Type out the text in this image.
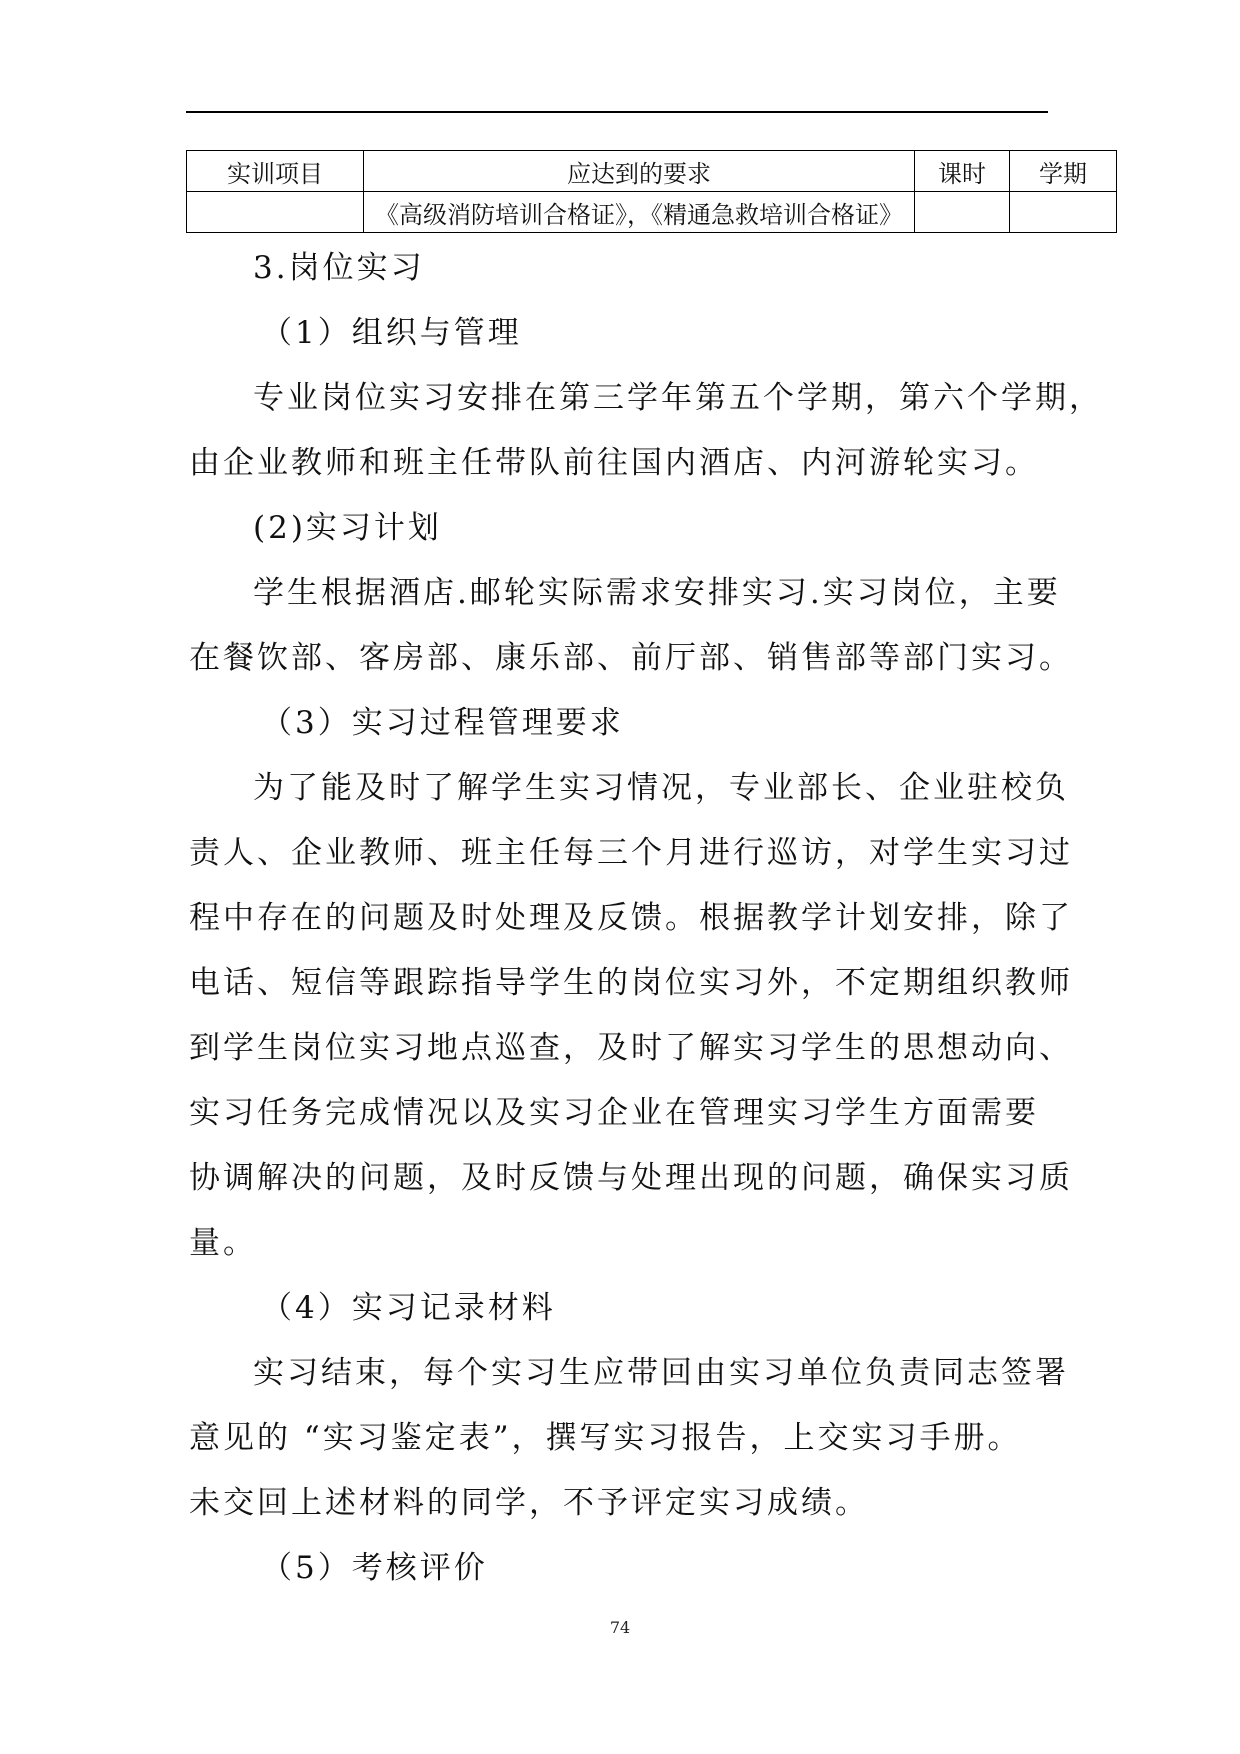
实训项目	应达到的要求	课时	学期
	《高级消防培训合格证》，《精通急救培训合格证》		

3.岗位实习

（1）组织与管理

专业岗位实习安排在第三学年第五个学期，第六个学期，

由企业教师和班主任带队前往国内酒店、内河游轮实习。

(2)实习计划

学生根据酒店.邮轮实际需求安排实习.实习岗位，主要

在餐饮部、客房部、康乐部、前厅部、销售部等部门实习。

（3）实习过程管理要求

为了能及时了解学生实习情况，专业部长、企业驻校负

责人、企业教师、班主任每三个月进行巡访，对学生实习过

程中存在的问题及时处理及反馈。根据教学计划安排，除了

电话、短信等跟踪指导学生的岗位实习外，不定期组织教师

到学生岗位实习地点巡查，及时了解实习学生的思想动向、

实习任务完成情况以及实习企业在管理实习学生方面需要

协调解决的问题，及时反馈与处理出现的问题，确保实习质

量。

（4）实习记录材料

实习结束，每个实习生应带回由实习单位负责同志签署

意见的 “实习鉴定表”，撰写实习报告，上交实习手册。

未交回上述材料的同学，不予评定实习成绩。

（5）考核评价

74
